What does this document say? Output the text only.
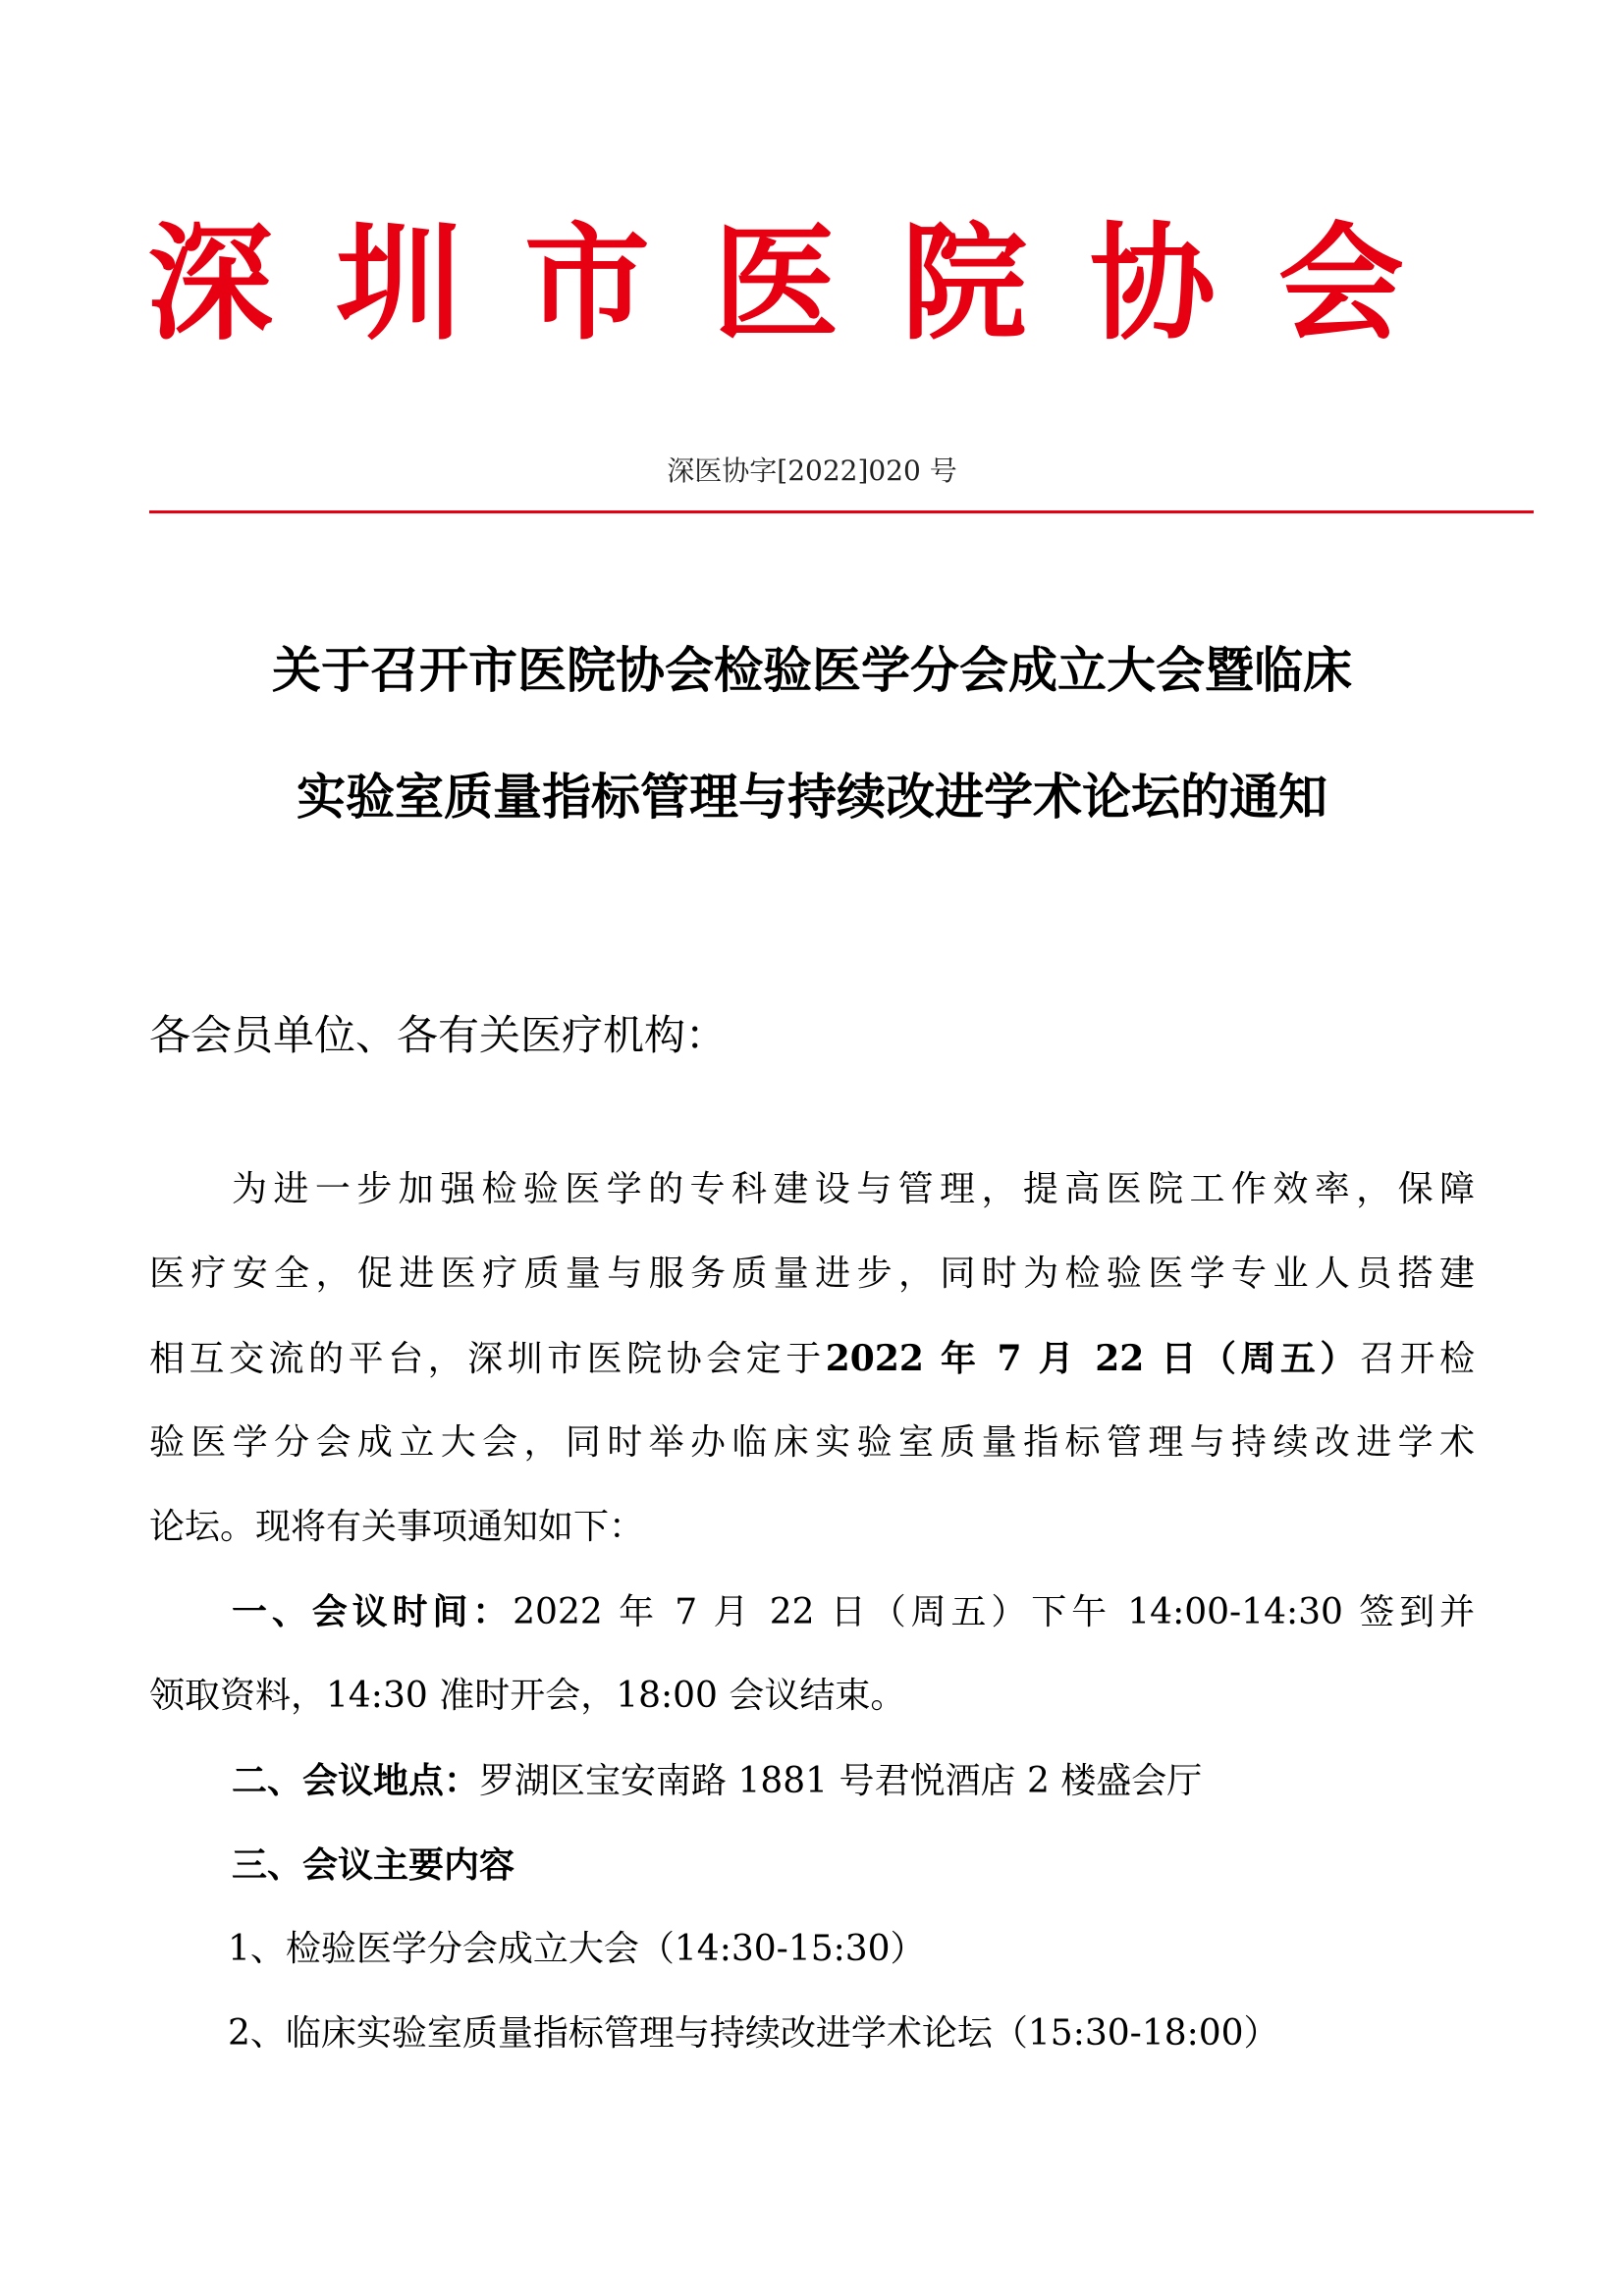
深 圳 市 医 院 协 会
深医协字[2022]020 号
关于召开市医院协会检验医学分会成立大会暨临床
实验室质量指标管理与持续改进学术论坛的通知
各会员单位、各有关医疗机构：
为进一步加强检验医学的专科建设与管理，提高医院工作效率，保障
医疗安全，促进医疗质量与服务质量进步，同时为检验医学专业人员搭建
相互交流的平台，深圳市医院协会定于2022 年 7 月 22 日（周五）召开检
验医学分会成立大会，同时举办临床实验室质量指标管理与持续改进学术
论坛。现将有关事项通知如下：
一、会议时间：2022 年 7 月 22 日（周五）下午 14:00-14:30 签到并
领取资料，14:30 准时开会，18:00 会议结束。
二、会议地点：罗湖区宝安南路 1881 号君悦酒店 2 楼盛会厅
三、会议主要内容
1、检验医学分会成立大会（14:30-15:30）
2、临床实验室质量指标管理与持续改进学术论坛（15:30-18:00）
